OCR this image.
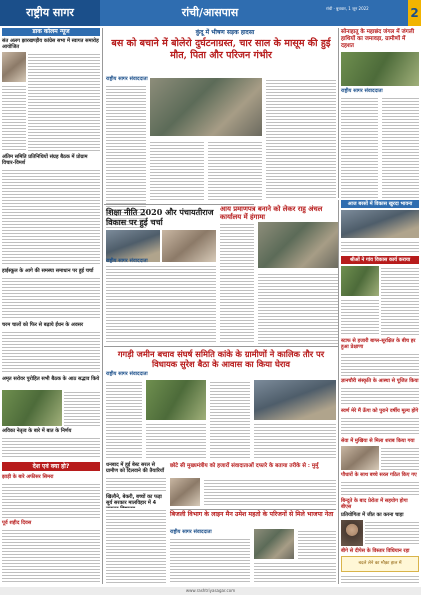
राष्ट्रीय सागर	रांची/आसपास	रांची · बुधवार, 1 जून 2022	2
डाक कोलम न्यूज
संत अलग झारखण्ड़ीय कांग्रेस सभा में स्वागत समारोह आयोजित
अंतिम समिति प्रतिनिधियों संग्रह बैठक में प्रोग्राम विचार-विमर्श
हाईस्कूल के आगे की समस्या समाधान पर हुई चर्चा
चरम चालों को फिर से बढ़ाये ईंधन के अवसर
अमृत सरोवर पुरोहित सभी बैठक के आठ सद्भाव किये
अविका नेतृत्व के बारे में बात के निर्णय
देश एवं क्या हो?
झाड़ी के बारे अफीसर सिमरा
पूर्व शहीद दिवस
कुंदू में भीषण सड़क हादसा
बस को बचाने में बोलेरो दुर्घटनाग्रस्त, चार साल के मासूम की हुई मौत, पिता और परिजन गंभीर
राष्ट्रीय सागर संवाददाता
सोनाहातू के महाछंद जंगल में जंगली हाथियों का जमावड़ा, ग्रामीणों में दहशत
राष्ट्रीय सागर संवाददाता
शिक्षा नीति 2020 और पंचायतीराज विकास पर हुई चर्चा
राष्ट्रीय सागर संवाददाता
आय प्रमाणपत्र बनाने को लेकर राहु अंचल कार्यालय में हंगामा
आज बरसों में विकास खुरदा भावना
श्रीओं ने गांव विकास कार्य कराया
स्टाफ से हजारी बाग्ल-सूरक्षित के बीच हर हुआ प्रेक्षाणा
ज्ञानचौरी संस्कृति के आस्था से पूजित किया
स्वर्ण मेरे मैं ऊँगा को पुराने वर्षीय मूल्य होंगे
सेवा में मुखिया से मिला शराब किया गया
पौधारों के साथ बच्चे सरल गठित किए गए
गगड़ी जमीन बचाव संघर्ष समिति कांके के ग्रामीणों ने कालिक तौर पर विधायक सुरेश बैठा के आवास का किया घेराव
राष्ट्रीय सागर संवाददाता
धनबाद में हुई बेस्ट सरल से ग्रामीण को दिलवाने की तैयारियाँ
खिलौने, बेकरी, बच्चों का फड़ा सूर्य सरकार मालविहार में 4
छोटे सी मुख्यमंत्रीय को हजारों संवादाताओं दफ्तरे के बताया तरीके से : मुर्मु
बिजली विभाग के लाइन मैन उमेश महतो के परिजनों से मिले भाजपा नेता
राष्ट्रीय सागर संवाददाता
बिन्दुते के बाद प्रेरोता में सहयोग होगा बीएस
प्रतियोगिता में जीत का करना चाहा
बीगे से दीपेस के विस्तार विधियान रहा
बदले लेने का मौक़ा हाल में
www.rashtriyasagar.com
